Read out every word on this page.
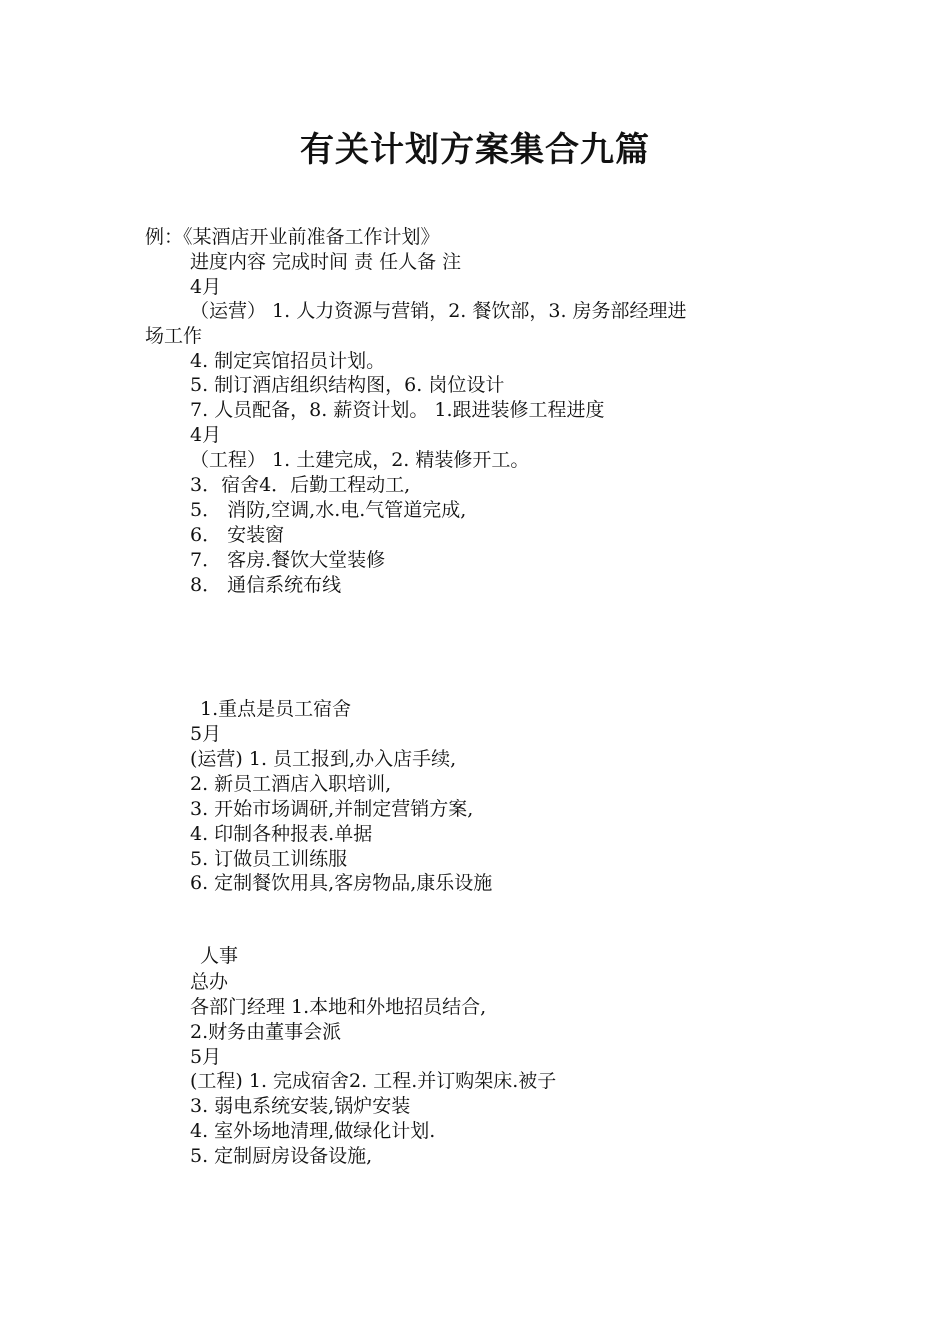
有关计划方案集合九篇
例：《某酒店开业前准备工作计划》
进度内容 完成时间 责 任人备 注
4月
（运营） 1. 人力资源与营销，2. 餐饮部，3. 房务部经理进
场工作
4. 制定宾馆招员计划。
5. 制订酒店组织结构图，6. 岗位设计
7. 人员配备，8. 薪资计划。 1.跟进装修工程进度
4月
（工程） 1. 土建完成，2. 精装修开工。
3．宿舍4．后勤工程动工,
5． 消防,空调,水.电.气管道完成,
6． 安装窗
7． 客房.餐饮大堂装修
8． 通信系统布线
1.重点是员工宿舍
5月
(运营) 1. 员工报到,办入店手续,
2. 新员工酒店入职培训,
3. 开始市场调研,并制定营销方案,
4. 印制各种报表.单据
5. 订做员工训练服
6. 定制餐饮用具,客房物品,康乐设施
人事
总办
各部门经理 1.本地和外地招员结合,
2.财务由董事会派
5月
(工程) 1. 完成宿舍2. 工程.并订购架床.被子
3. 弱电系统安装,锅炉安装
4. 室外场地清理,做绿化计划.
5. 定制厨房设备设施,
